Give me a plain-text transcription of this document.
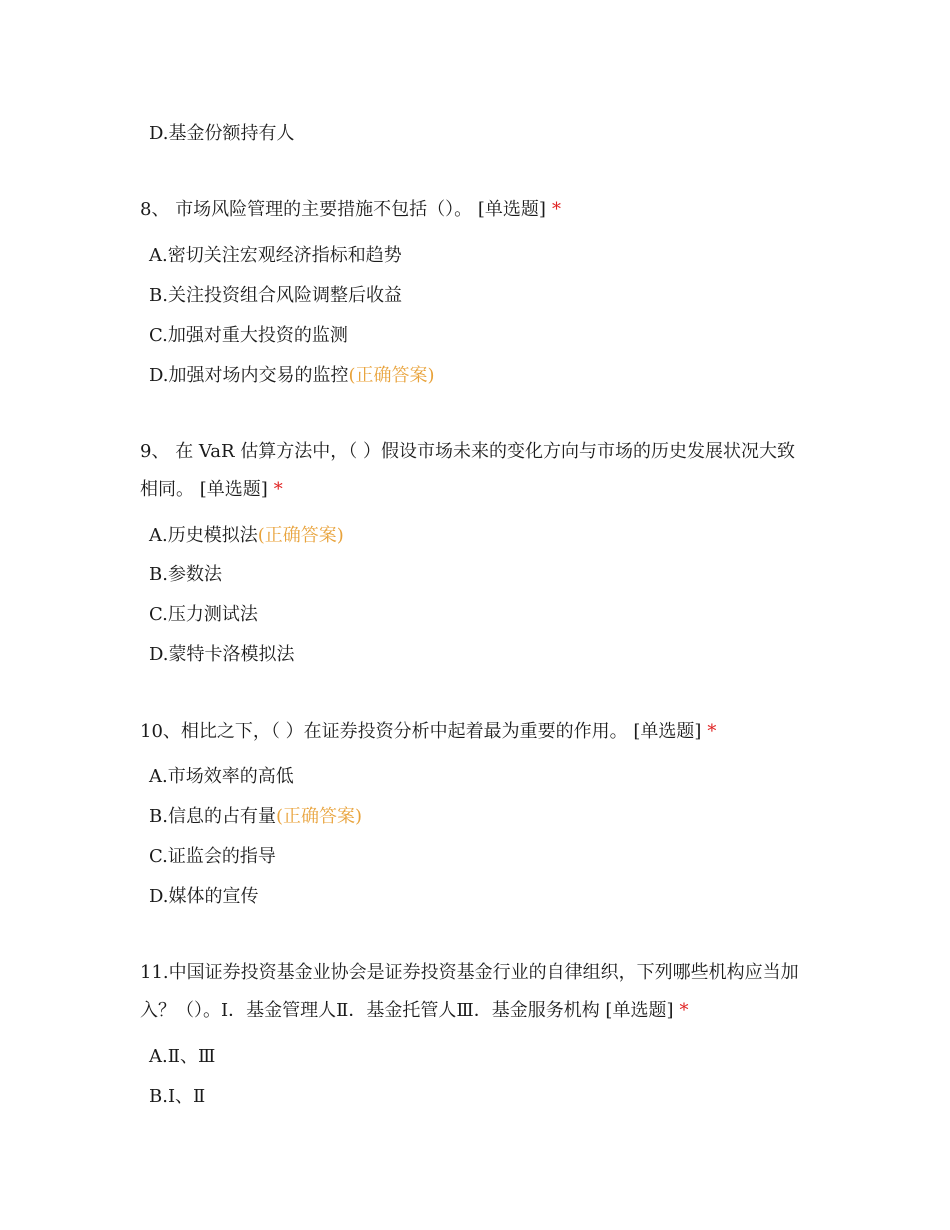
D.基金份额持有人
8、 市场风险管理的主要措施不包括（）。 [单选题] *
A.密切关注宏观经济指标和趋势
B.关注投资组合风险调整后收益
C.加强对重大投资的监测
D.加强对场内交易的监控(正确答案)
9、 在 VaR 估算方法中，（ ）假设市场未来的变化方向与市场的历史发展状况大致相同。 [单选题] *
A.历史模拟法(正确答案)
B.参数法
C.压力测试法
D.蒙特卡洛模拟法
10、相比之下，（ ）在证券投资分析中起着最为重要的作用。 [单选题] *
A.市场效率的高低
B.信息的占有量(正确答案)
C.证监会的指导
D.媒体的宣传
11.中国证券投资基金业协会是证券投资基金行业的自律组织，下列哪些机构应当加入？（）。Ⅰ．基金管理人Ⅱ．基金托管人Ⅲ．基金服务机构 [单选题] *
A.Ⅱ、Ⅲ
B.Ⅰ、Ⅱ
